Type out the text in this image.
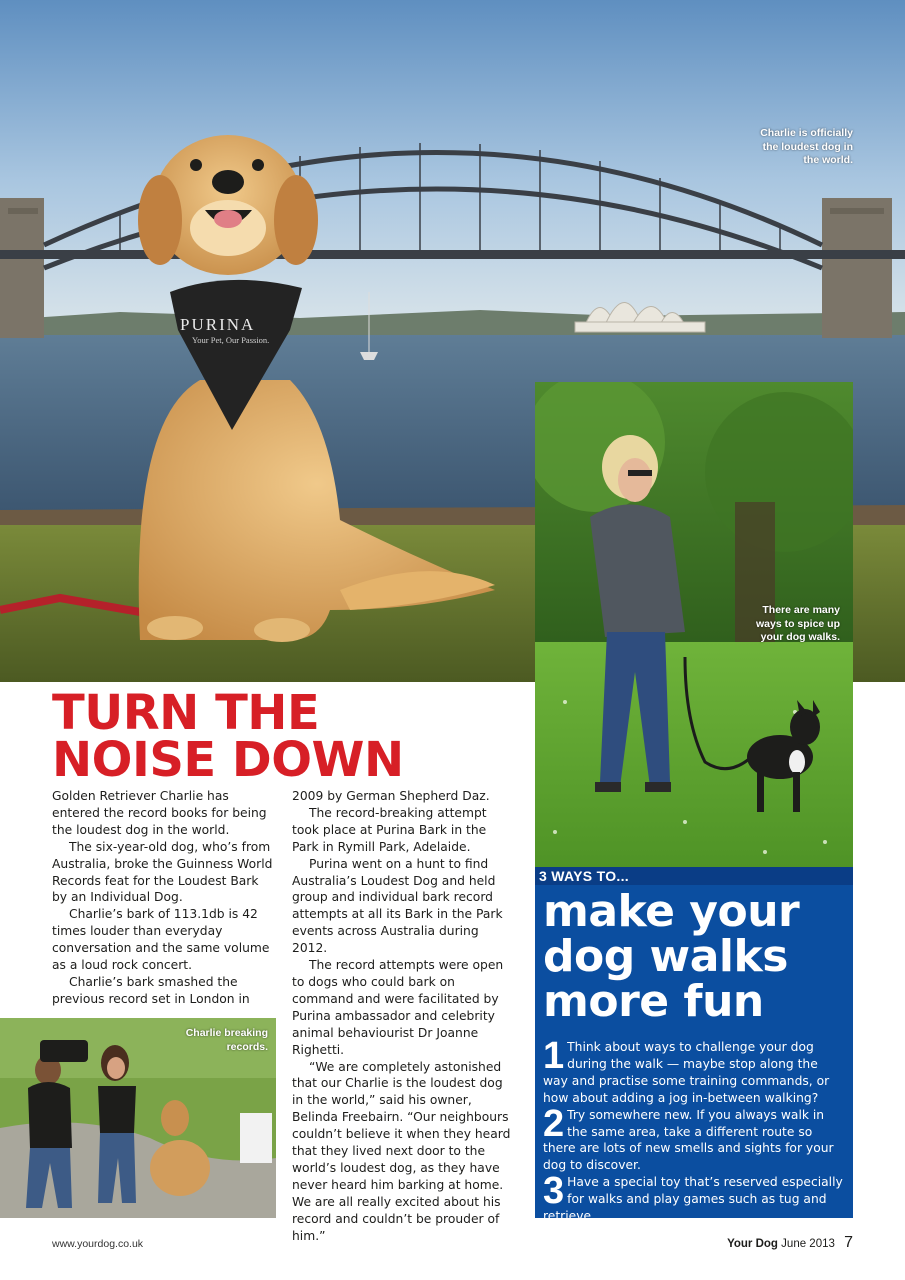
PURINA
Your Pet, Our Passion.
Charlie is officially
the loudest dog in
the world.
There are many
ways to spice up
your dog walks.
TURN THE
NOISE DOWN

Golden Retriever Charlie has entered the record books for being the loudest dog in the world.

The six-year-old dog, who’s from Australia, broke the Guinness World Records feat for the Loudest Bark by an Individual Dog.

Charlie’s bark of 113.1db is 42 times louder than everyday conversation and the same volume as a loud rock concert.

Charlie’s bark smashed the previous record set in London in

2009 by German Shepherd Daz.

The record-breaking attempt took place at Purina Bark in the Park in Rymill Park, Adelaide.

Purina went on a hunt to find Australia’s Loudest Dog and held group and individual bark record attempts at all its Bark in the Park events across Australia during 2012.

The record attempts were open to dogs who could bark on command and were facilitated by Purina ambassador and celebrity animal behaviourist Dr Joanne Righetti.

“We are completely astonished that our Charlie is the loudest dog in the world,” said his owner, Belinda Freebairn. “Our neighbours couldn’t believe it when they heard that they lived next door to the world’s loudest dog, as they have never heard him barking at home. We are all really excited about his record and couldn’t be prouder of him.”

Charlie breaking
records.
3 WAYS TO...
make your
dog walks
more fun
1 Think about ways to challenge your dog during the walk — maybe stop along the way and practise some training commands, or how about adding a jog in-between walking?
2 Try somewhere new. If you always walk in the same area, take a different route so there are lots of new smells and sights for your dog to discover.
3 Have a special toy that’s reserved especially for walks and play games such as tug and retrieve.
www.yourdog.co.uk	Your Dog June 2013 7
